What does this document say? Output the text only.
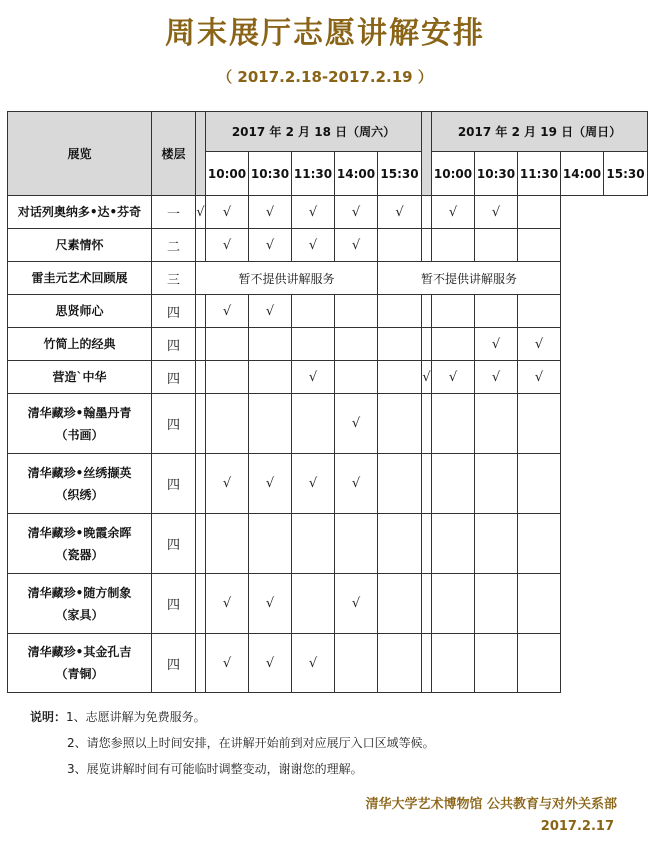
周末展厅志愿讲解安排
（ 2017.2.18-2017.2.19 ）
展览	楼层		2017 年 2 月 18 日（周六）						2017 年 2 月 19 日（周日）				
			10:00	10:30	11:30	14:00	15:30		10:00	10:30	11:30	14:00	15:30

对话列奥纳多•达•芬奇	一	√	√	√	√	√	√		√	√			

尺素情怀	二		√	√	√	√							

雷圭元艺术回顾展	三	暂不提供讲解服务					暂不提供讲解服务						

思贤师心	四		√	√									

竹简上的经典	四									√	√		

营造`中华	四				√			√	√	√	√		

清华藏珍•翰墨丹青
（书画）	四					√							

清华藏珍•丝绣撷英
（织绣）	四		√	√	√	√							

清华藏珍•晚霞余晖
（瓷器）	四												

清华藏珍•随方制象
（家具）	四		√	√		√							

清华藏珍•其金孔吉
（青铜）	四		√	√	√								
说明：1、志愿讲解为免费服务。
2、请您参照以上时间安排，在讲解开始前到对应展厅入口区域等候。
3、展览讲解时间有可能临时调整变动，谢谢您的理解。
清华大学艺术博物馆 公共教育与对外关系部
2017.2.17
